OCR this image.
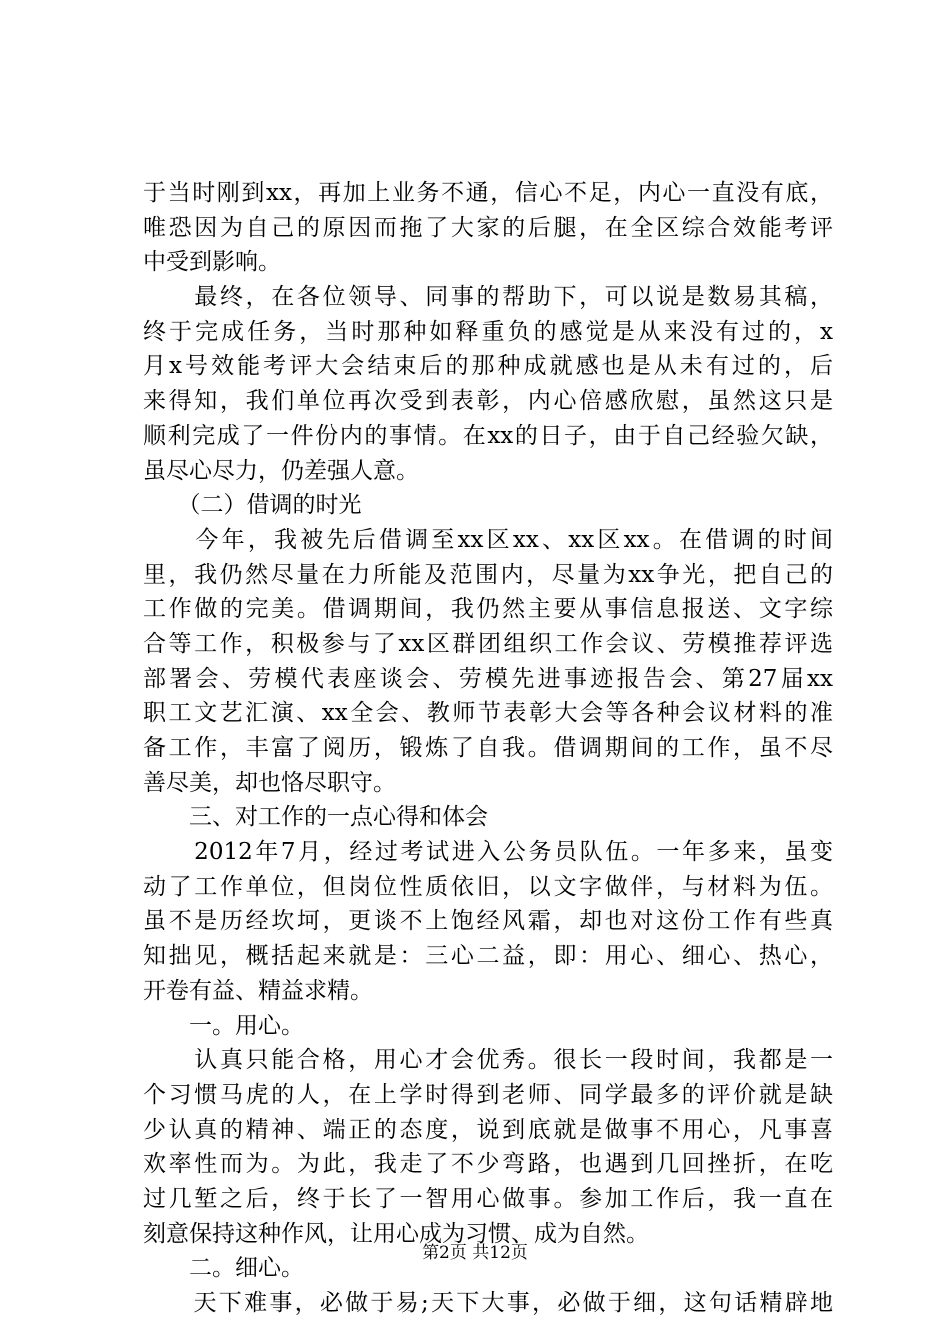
于当时刚到xx，再加上业务不通，信心不足，内心一直没有底，
唯恐因为自己的原因而拖了大家的后腿，在全区综合效能考评
中受到影响。
　　最终，在各位领导、同事的帮助下，可以说是数易其稿，
终于完成任务，当时那种如释重负的感觉是从来没有过的，x
月x号效能考评大会结束后的那种成就感也是从未有过的，后
来得知，我们单位再次受到表彰，内心倍感欣慰，虽然这只是
顺利完成了一件份内的事情。在xx的日子，由于自己经验欠缺，
虽尽心尽力，仍差强人意。
　　（二）借调的时光
　　今年，我被先后借调至xx区xx、xx区xx。在借调的时间
里，我仍然尽量在力所能及范围内，尽量为xx争光，把自己的
工作做的完美。借调期间，我仍然主要从事信息报送、文字综
合等工作，积极参与了xx区群团组织工作会议、劳模推荐评选
部署会、劳模代表座谈会、劳模先进事迹报告会、第27届xx
职工文艺汇演、xx全会、教师节表彰大会等各种会议材料的准
备工作，丰富了阅历，锻炼了自我。借调期间的工作，虽不尽
善尽美，却也恪尽职守。
　　三、对工作的一点心得和体会
　　2012年7月，经过考试进入公务员队伍。一年多来，虽变
动了工作单位，但岗位性质依旧，以文字做伴，与材料为伍。
虽不是历经坎坷，更谈不上饱经风霜，却也对这份工作有些真
知拙见，概括起来就是：三心二益，即：用心、细心、热心，
开卷有益、精益求精。
　　一。用心。
　　认真只能合格，用心才会优秀。很长一段时间，我都是一
个习惯马虎的人，在上学时得到老师、同学最多的评价就是缺
少认真的精神、端正的态度，说到底就是做事不用心，凡事喜
欢率性而为。为此，我走了不少弯路，也遇到几回挫折，在吃
过几堑之后，终于长了一智用心做事。参加工作后，我一直在
刻意保持这种作风，让用心成为习惯、成为自然。
　　二。细心。
　　天下难事，必做于易;天下大事，必做于细，这句话精辟地
第2页 共12页
